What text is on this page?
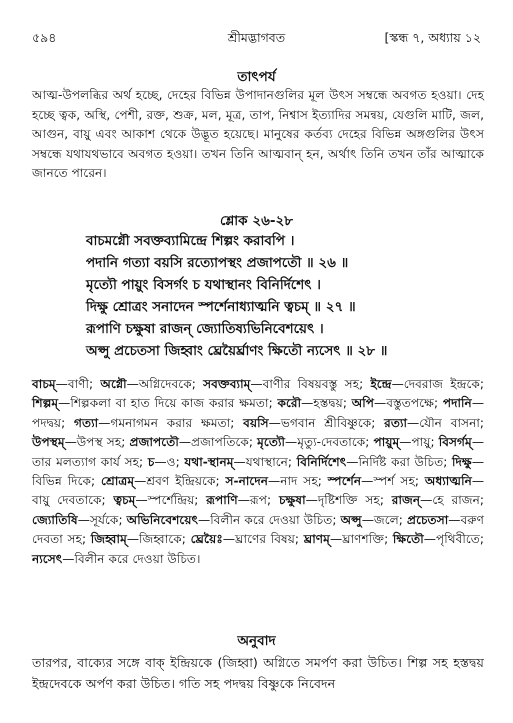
৫৯৪	শ্রীমদ্ভাগবত	[স্কন্ধ ৭, অধ্যায় ১২
তাৎপর্য

আত্ম-উপলব্ধির অর্থ হচ্ছে, দেহের বিভিন্ন উপাদানগুলির মূল উৎস সম্বন্ধে অবগত হওয়া। দেহ হচ্ছে ত্বক, অস্থি, পেশী, রক্ত, শুক্র, মল, মূত্র, তাপ, নিশ্বাস ইত্যাদির সমন্বয়, যেগুলি মাটি, জল, আগুন, বায়ু এবং আকাশ থেকে উদ্ভূত হয়েছে। মানুষের কর্তব্য দেহের বিভিন্ন অঙ্গগুলির উৎস সম্বন্ধে যথাযথভাবে অবগত হওয়া। তখন তিনি আত্মবান্ হন, অর্থাৎ তিনি তখন তাঁর আত্মাকে জানতে পারেন।

শ্লোক ২৬-২৮
বাচমগ্নৌ সবক্তব্যামিন্দ্রে শিল্পং করাবপি ।
পদানি গত্যা বয়সি রত্যোপস্থং প্রজাপতৌ ॥ ২৬ ॥
মৃত্যৌ পায়ুং বিসর্গং চ যথাস্থানং বিনির্দিশেৎ ।
দিক্ষু শ্রোত্রং সনাদেন স্পর্শেনাধ্যাত্মনি ত্বচম্ ॥ ২৭ ॥
রূপাণি চক্ষুষা রাজন্ জ্যোতিষ্যভিনিবেশয়েৎ ।
অপ্সু প্রচেতসা জিহ্বাং ঘ্রেয়ৈর্ঘ্রাণং ক্ষিতৌ ন্যসেৎ ॥ ২৮ ॥

বাচম্—বাণী; অগ্নৌ—অগ্নিদেবকে; সবক্তব্যাম্—বাণীর বিষয়বস্তু সহ; ইন্দ্রে—দেবরাজ ইন্দ্রকে; শিল্পম্—শিল্পকলা বা হাত দিয়ে কাজ করার ক্ষমতা; করৌ—হস্তদ্বয়; অপি—বস্তুতপক্ষে; পদানি—পদদ্বয়; গত্যা—গমনাগমন করার ক্ষমতা; বয়সি—ভগবান শ্রীবিষ্ণুকে; রত্যা—যৌন বাসনা; উপস্থম্—উপস্থ সহ; প্রজাপতৌ—প্রজাপতিকে; মৃত্যৌ—মৃত্যু-দেবতাকে; পায়ুম্—পায়ু; বিসর্গম্—তার মলত্যাগ কার্য সহ; চ—ও; যথা-স্থানম্—যথাস্থানে; বিনির্দিশেৎ—নির্দিষ্ট করা উচিত; দিক্ষু—বিভিন্ন দিকে; শ্রোত্রম্—শ্রবণ ইন্দ্রিয়কে; স-নাদেন—নাদ সহ; স্পর্শেন—স্পর্শ সহ; অধ্যাত্মনি—বায়ু দেবতাকে; ত্বচম্—স্পর্শেন্দ্রিয়; রূপাণি—রূপ; চক্ষুষা—দৃষ্টিশক্তি সহ; রাজন্—হে রাজন; জ্যোতিষি—সূর্যকে; অভিনিবেশয়েৎ—বিলীন করে দেওয়া উচিত; অপ্সু—জলে; প্রচেতসা—বরুণ দেবতা সহ; জিহ্বাম্—জিহ্বাকে; ঘ্রেয়ৈঃ—ঘ্রাণের বিষয়; ঘ্রাণম্—ঘ্রাণশক্তি; ক্ষিতৌ—পৃথিবীতে; ন্যসেৎ—বিলীন করে দেওয়া উচিত।

অনুবাদ

তারপর, বাক্যের সঙ্গে বাক্ ইন্দ্রিয়কে (জিহ্বা) অগ্নিতে সমর্পণ করা উচিত। শিল্প সহ হস্তদ্বয় ইন্দ্রদেবকে অর্পণ করা উচিত। গতি সহ পদদ্বয় বিষ্ণুকে নিবেদন
